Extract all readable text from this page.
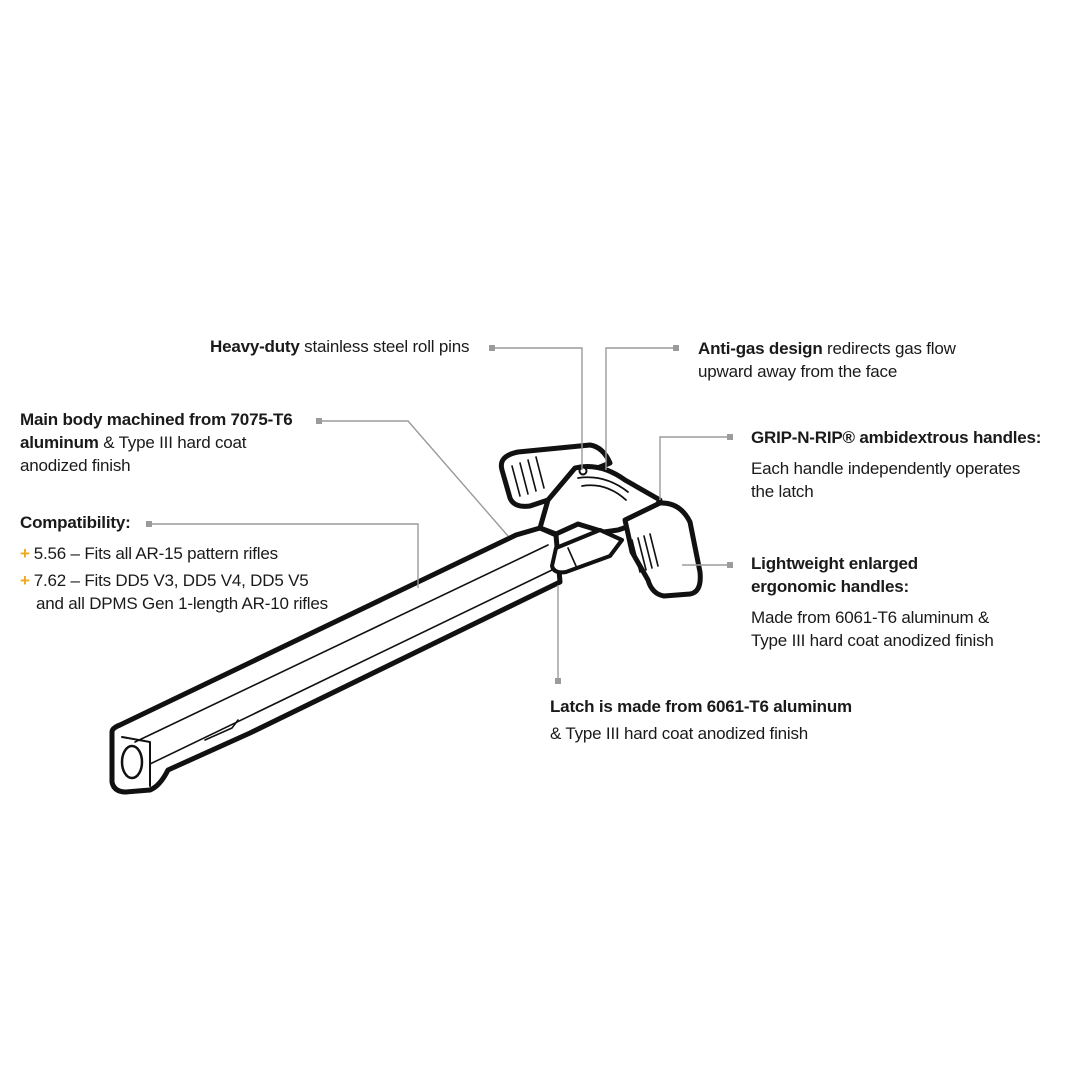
Heavy-duty stainless steel roll pins	Anti-gas design redirects gas flow
upward away from the face
Main body machined from 7075-T6
aluminum & Type III hard coat
anodized finish
GRIP-N-RIP® ambidextrous handles:
Each handle independently operates
the latch
Compatibility:
+ 5.56 – Fits all AR-15 pattern rifles
+ 7.62 – Fits DD5 V3, DD5 V4, DD5 V5
and all DPMS Gen 1-length AR-10 rifles
Lightweight enlarged
ergonomic handles:
Made from 6061-T6 aluminum &
Type III hard coat anodized finish
Latch is made from 6061-T6 aluminum
& Type III hard coat anodized finish
